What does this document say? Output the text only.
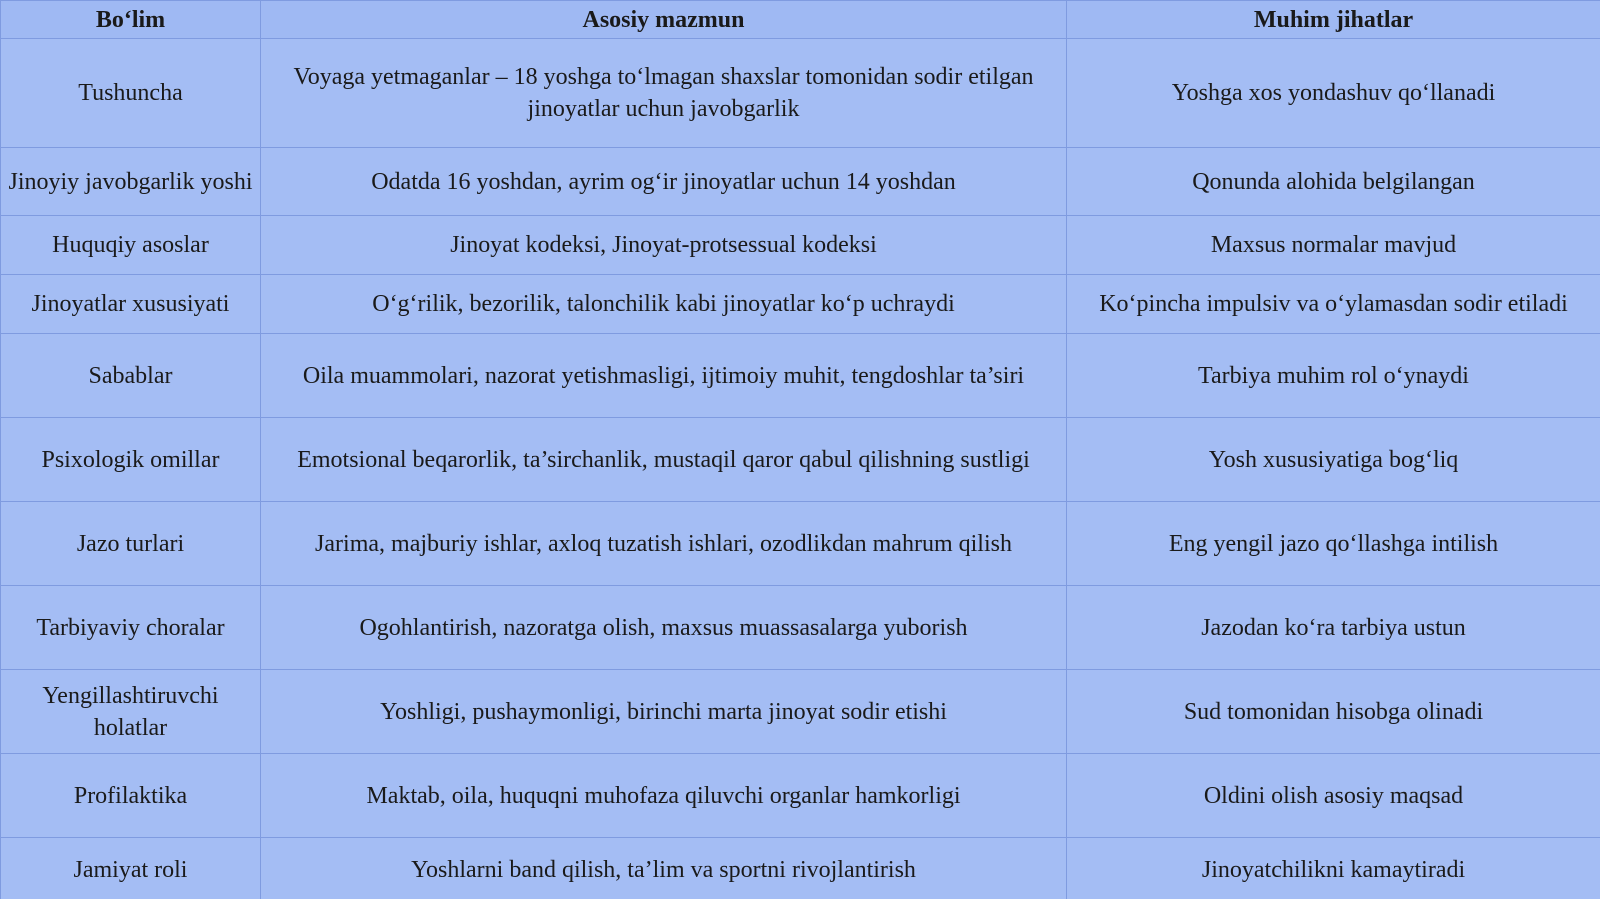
Bo‘lim	Asosiy mazmun	Muhim jihatlar
Tushuncha	Voyaga yetmaganlar – 18 yoshga to‘lmagan shaxslar tomonidan sodir etilgan jinoyatlar uchun javobgarlik	Yoshga xos yondashuv qo‘llanadi
Jinoyiy javobgarlik yoshi	Odatda 16 yoshdan, ayrim og‘ir jinoyatlar uchun 14 yoshdan	Qonunda alohida belgilangan
Huquqiy asoslar	Jinoyat kodeksi, Jinoyat-protsessual kodeksi	Maxsus normalar mavjud
Jinoyatlar xususiyati	O‘g‘rilik, bezorilik, talonchilik kabi jinoyatlar ko‘p uchraydi	Ko‘pincha impulsiv va o‘ylamasdan sodir etiladi
Sabablar	Oila muammolari, nazorat yetishmasligi, ijtimoiy muhit, tengdoshlar ta’siri	Tarbiya muhim rol o‘ynaydi
Psixologik omillar	Emotsional beqarorlik, ta’sirchanlik, mustaqil qaror qabul qilishning sustligi	Yosh xususiyatiga bog‘liq
Jazo turlari	Jarima, majburiy ishlar, axloq tuzatish ishlari, ozodlikdan mahrum qilish	Eng yengil jazo qo‘llashga intilish
Tarbiyaviy choralar	Ogohlantirish, nazoratga olish, maxsus muassasalarga yuborish	Jazodan ko‘ra tarbiya ustun
Yengillashtiruvchi holatlar	Yoshligi, pushaymonligi, birinchi marta jinoyat sodir etishi	Sud tomonidan hisobga olinadi
Profilaktika	Maktab, oila, huquqni muhofaza qiluvchi organlar hamkorligi	Oldini olish asosiy maqsad
Jamiyat roli	Yoshlarni band qilish, ta’lim va sportni rivojlantirish	Jinoyatchilikni kamaytiradi
